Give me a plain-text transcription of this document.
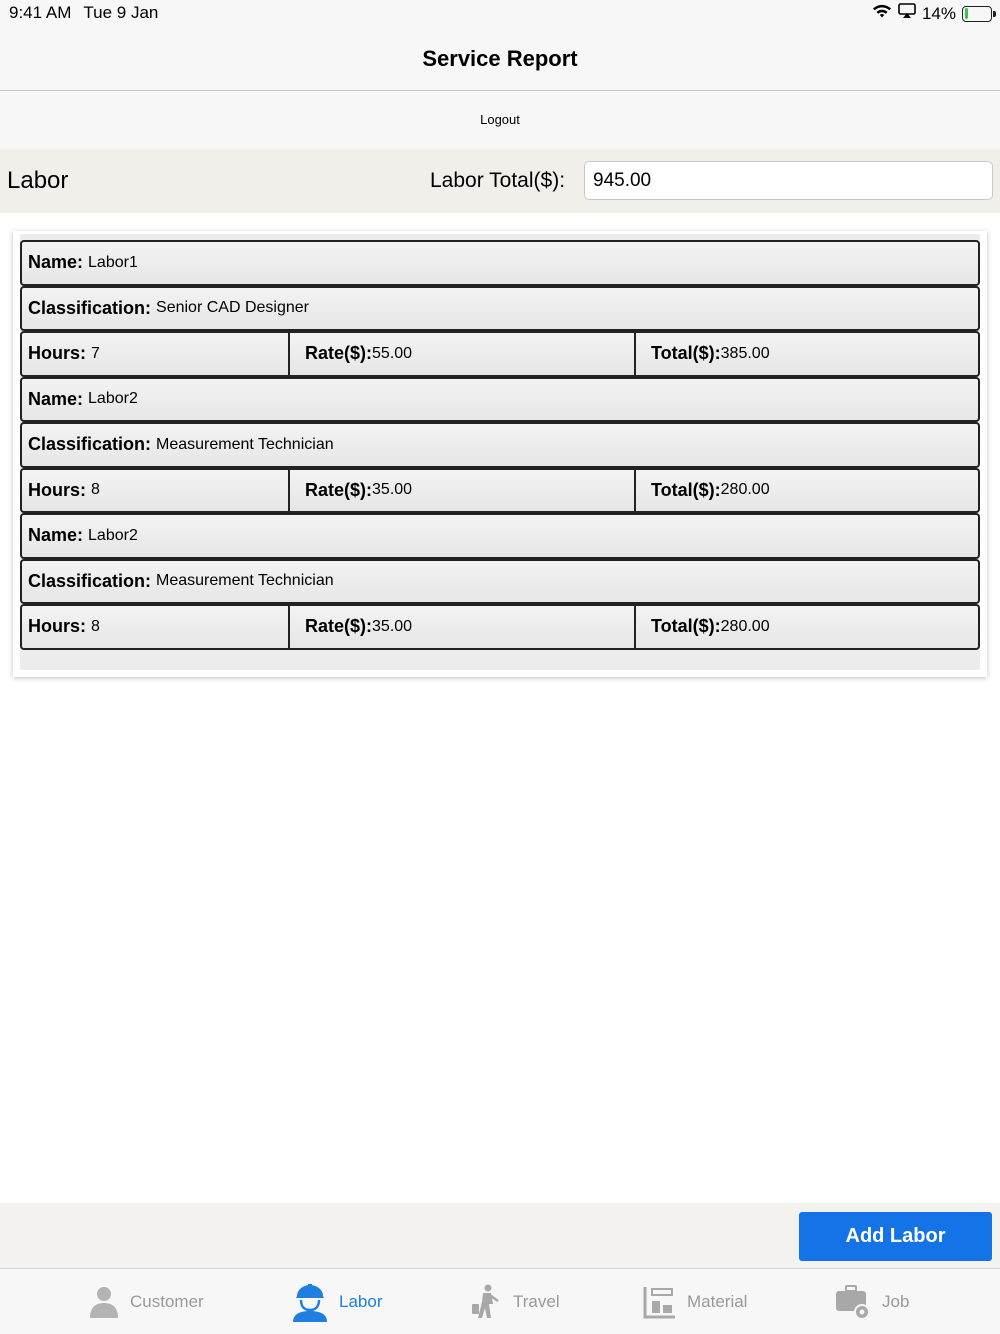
9:41 AM Tue 9 Jan	14%
Service Report
Logout
Labor	Labor Total($):
945.00
Name: Labor1
Classification: Senior CAD Designer
Hours: 7	Rate($): 55.00	Total($): 385.00
Name: Labor2
Classification: Measurement Technician
Hours: 8	Rate($): 35.00	Total($): 280.00
Name: Labor2
Classification: Measurement Technician
Hours: 8	Rate($): 35.00	Total($): 280.00
Add Labor
Customer	Labor	Travel	Material	Job
